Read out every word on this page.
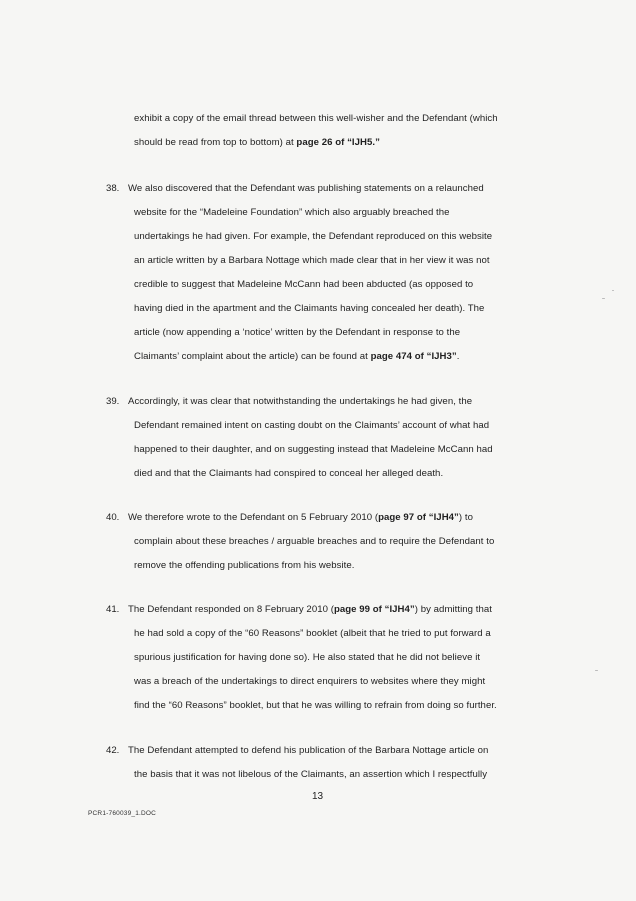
exhibit a copy of the email thread between this well-wisher and the Defendant (which
should be read from top to bottom) at page 26 of “IJH5.”
38. We also discovered that the Defendant was publishing statements on a relaunched
website for the “Madeleine Foundation” which also arguably breached the
undertakings he had given. For example, the Defendant reproduced on this website
an article written by a Barbara Nottage which made clear that in her view it was not
credible to suggest that Madeleine McCann had been abducted (as opposed to
having died in the apartment and the Claimants having concealed her death). The
article (now appending a ‘notice’ written by the Defendant in response to the
Claimants’ complaint about the article) can be found at page 474 of “IJH3”.
39. Accordingly, it was clear that notwithstanding the undertakings he had given, the
Defendant remained intent on casting doubt on the Claimants’ account of what had
happened to their daughter, and on suggesting instead that Madeleine McCann had
died and that the Claimants had conspired to conceal her alleged death.
40. We therefore wrote to the Defendant on 5 February 2010 (page 97 of “IJH4”) to
complain about these breaches / arguable breaches and to require the Defendant to
remove the offending publications from his website.
41. The Defendant responded on 8 February 2010 (page 99 of “IJH4”) by admitting that
he had sold a copy of the “60 Reasons” booklet (albeit that he tried to put forward a
spurious justification for having done so). He also stated that he did not believe it
was a breach of the undertakings to direct enquirers to websites where they might
find the “60 Reasons” booklet, but that he was willing to refrain from doing so further.
42. The Defendant attempted to defend his publication of the Barbara Nottage article on
the basis that it was not libelous of the Claimants, an assertion which I respectfully
13
PCR1-760039_1.DOC
